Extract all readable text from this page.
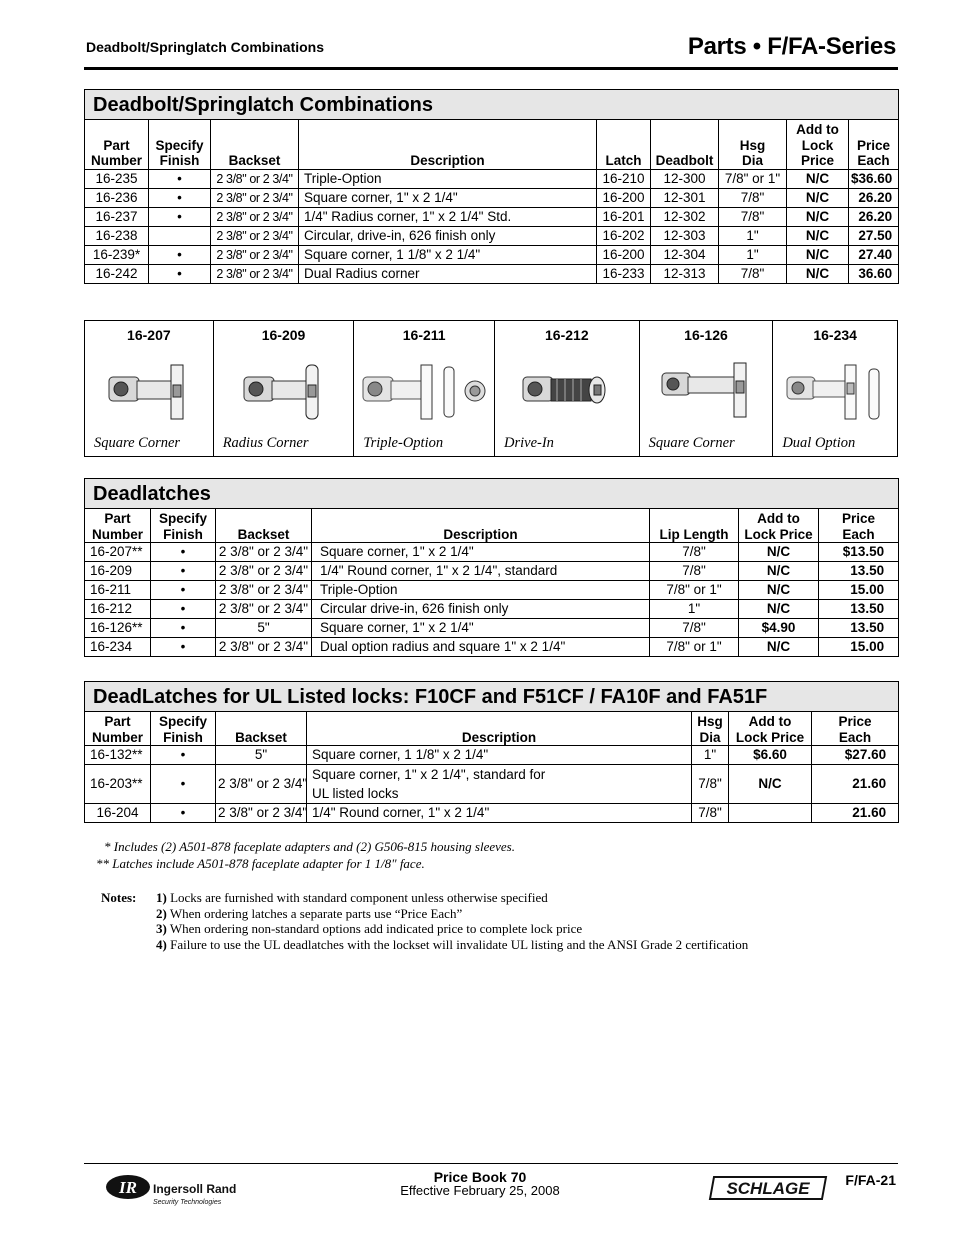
Deadbolt/Springlatch Combinations	Parts • F/FA-Series
Deadbolt/Springlatch Combinations								
Part
Number	Specify
Finish	Backset	Description	Latch	Deadbolt	Hsg
Dia	Add to
Lock
Price	Price
Each
16-235	•	2 3/8" or 2 3/4"	Triple-Option	16-210	12-300	7/8" or 1"	N/C	$36.60
16-236	•	2 3/8" or 2 3/4"	Square corner, 1" x 2 1/4"	16-200	12-301	7/8"	N/C	26.20
16-237	•	2 3/8" or 2 3/4"	1/4" Radius corner, 1" x 2 1/4" Std.	16-201	12-302	7/8"	N/C	26.20
16-238		2 3/8" or 2 3/4"	Circular, drive-in, 626 finish only	16-202	12-303	1"	N/C	27.50
16-239*	•	2 3/8" or 2 3/4"	Square corner, 1 1/8" x 2 1/4"	16-200	12-304	1"	N/C	27.40
16-242	•	2 3/8" or 2 3/4"	Dual Radius corner	16-233	12-313	7/8"	N/C	36.60
16-207
Square Corner
16-209
Radius Corner
16-211
Triple-Option
16-212
Drive-In
16-126
Square Corner
16-234
Dual Option
Deadlatches						
Part
Number	Specify
Finish	Backset	Description	Lip Length	Add to
Lock Price	Price
Each
16-207**	•	2 3/8" or 2 3/4"	Square corner, 1" x 2 1/4"	7/8"	N/C	$13.50
16-209	•	2 3/8" or 2 3/4"	1/4" Round corner, 1" x 2 1/4", standard	7/8"	N/C	13.50
16-211	•	2 3/8" or 2 3/4"	Triple-Option	7/8" or 1"	N/C	15.00
16-212	•	2 3/8" or 2 3/4"	Circular drive-in, 626 finish only	1"	N/C	13.50
16-126**	•	5"	Square corner, 1" x 2 1/4"	7/8"	$4.90	13.50
16-234	•	2 3/8" or 2 3/4"	Dual option radius and square 1" x 2 1/4"	7/8" or 1"	N/C	15.00
DeadLatches for UL Listed locks: F10CF and F51CF / FA10F and FA51F						
Part
Number	Specify
Finish	Backset	Description	Hsg
Dia	Add to
Lock Price	Price
Each
16-132**	•	5"	Square corner, 1 1/8" x 2 1/4"	1"	$6.60	$27.60
16-203**	•	2 3/8" or 2 3/4"	Square corner, 1" x 2 1/4", standard for
UL listed locks	7/8"	N/C	21.60
16-204	•	2 3/8" or 2 3/4"	1/4" Round corner, 1" x 2 1/4"	7/8"		21.60
* Includes (2) A501-878 faceplate adapters and (2) G506-815 housing sleeves.
** Latches include A501-878 faceplate adapter for 1 1/8" face.
Notes: 1) Locks are furnished with standard component unless otherwise specified
2) When ordering latches a separate parts use “Price Each”
3) When ordering non-standard options add indicated price to complete lock price
4) Failure to use the UL deadlatches with the lockset will invalidate UL listing and the ANSI Grade 2 certification
IR Ingersoll Rand
Security Technologies
Price Book 70
Effective February 25, 2008	SCHLAGE	F/FA-21
